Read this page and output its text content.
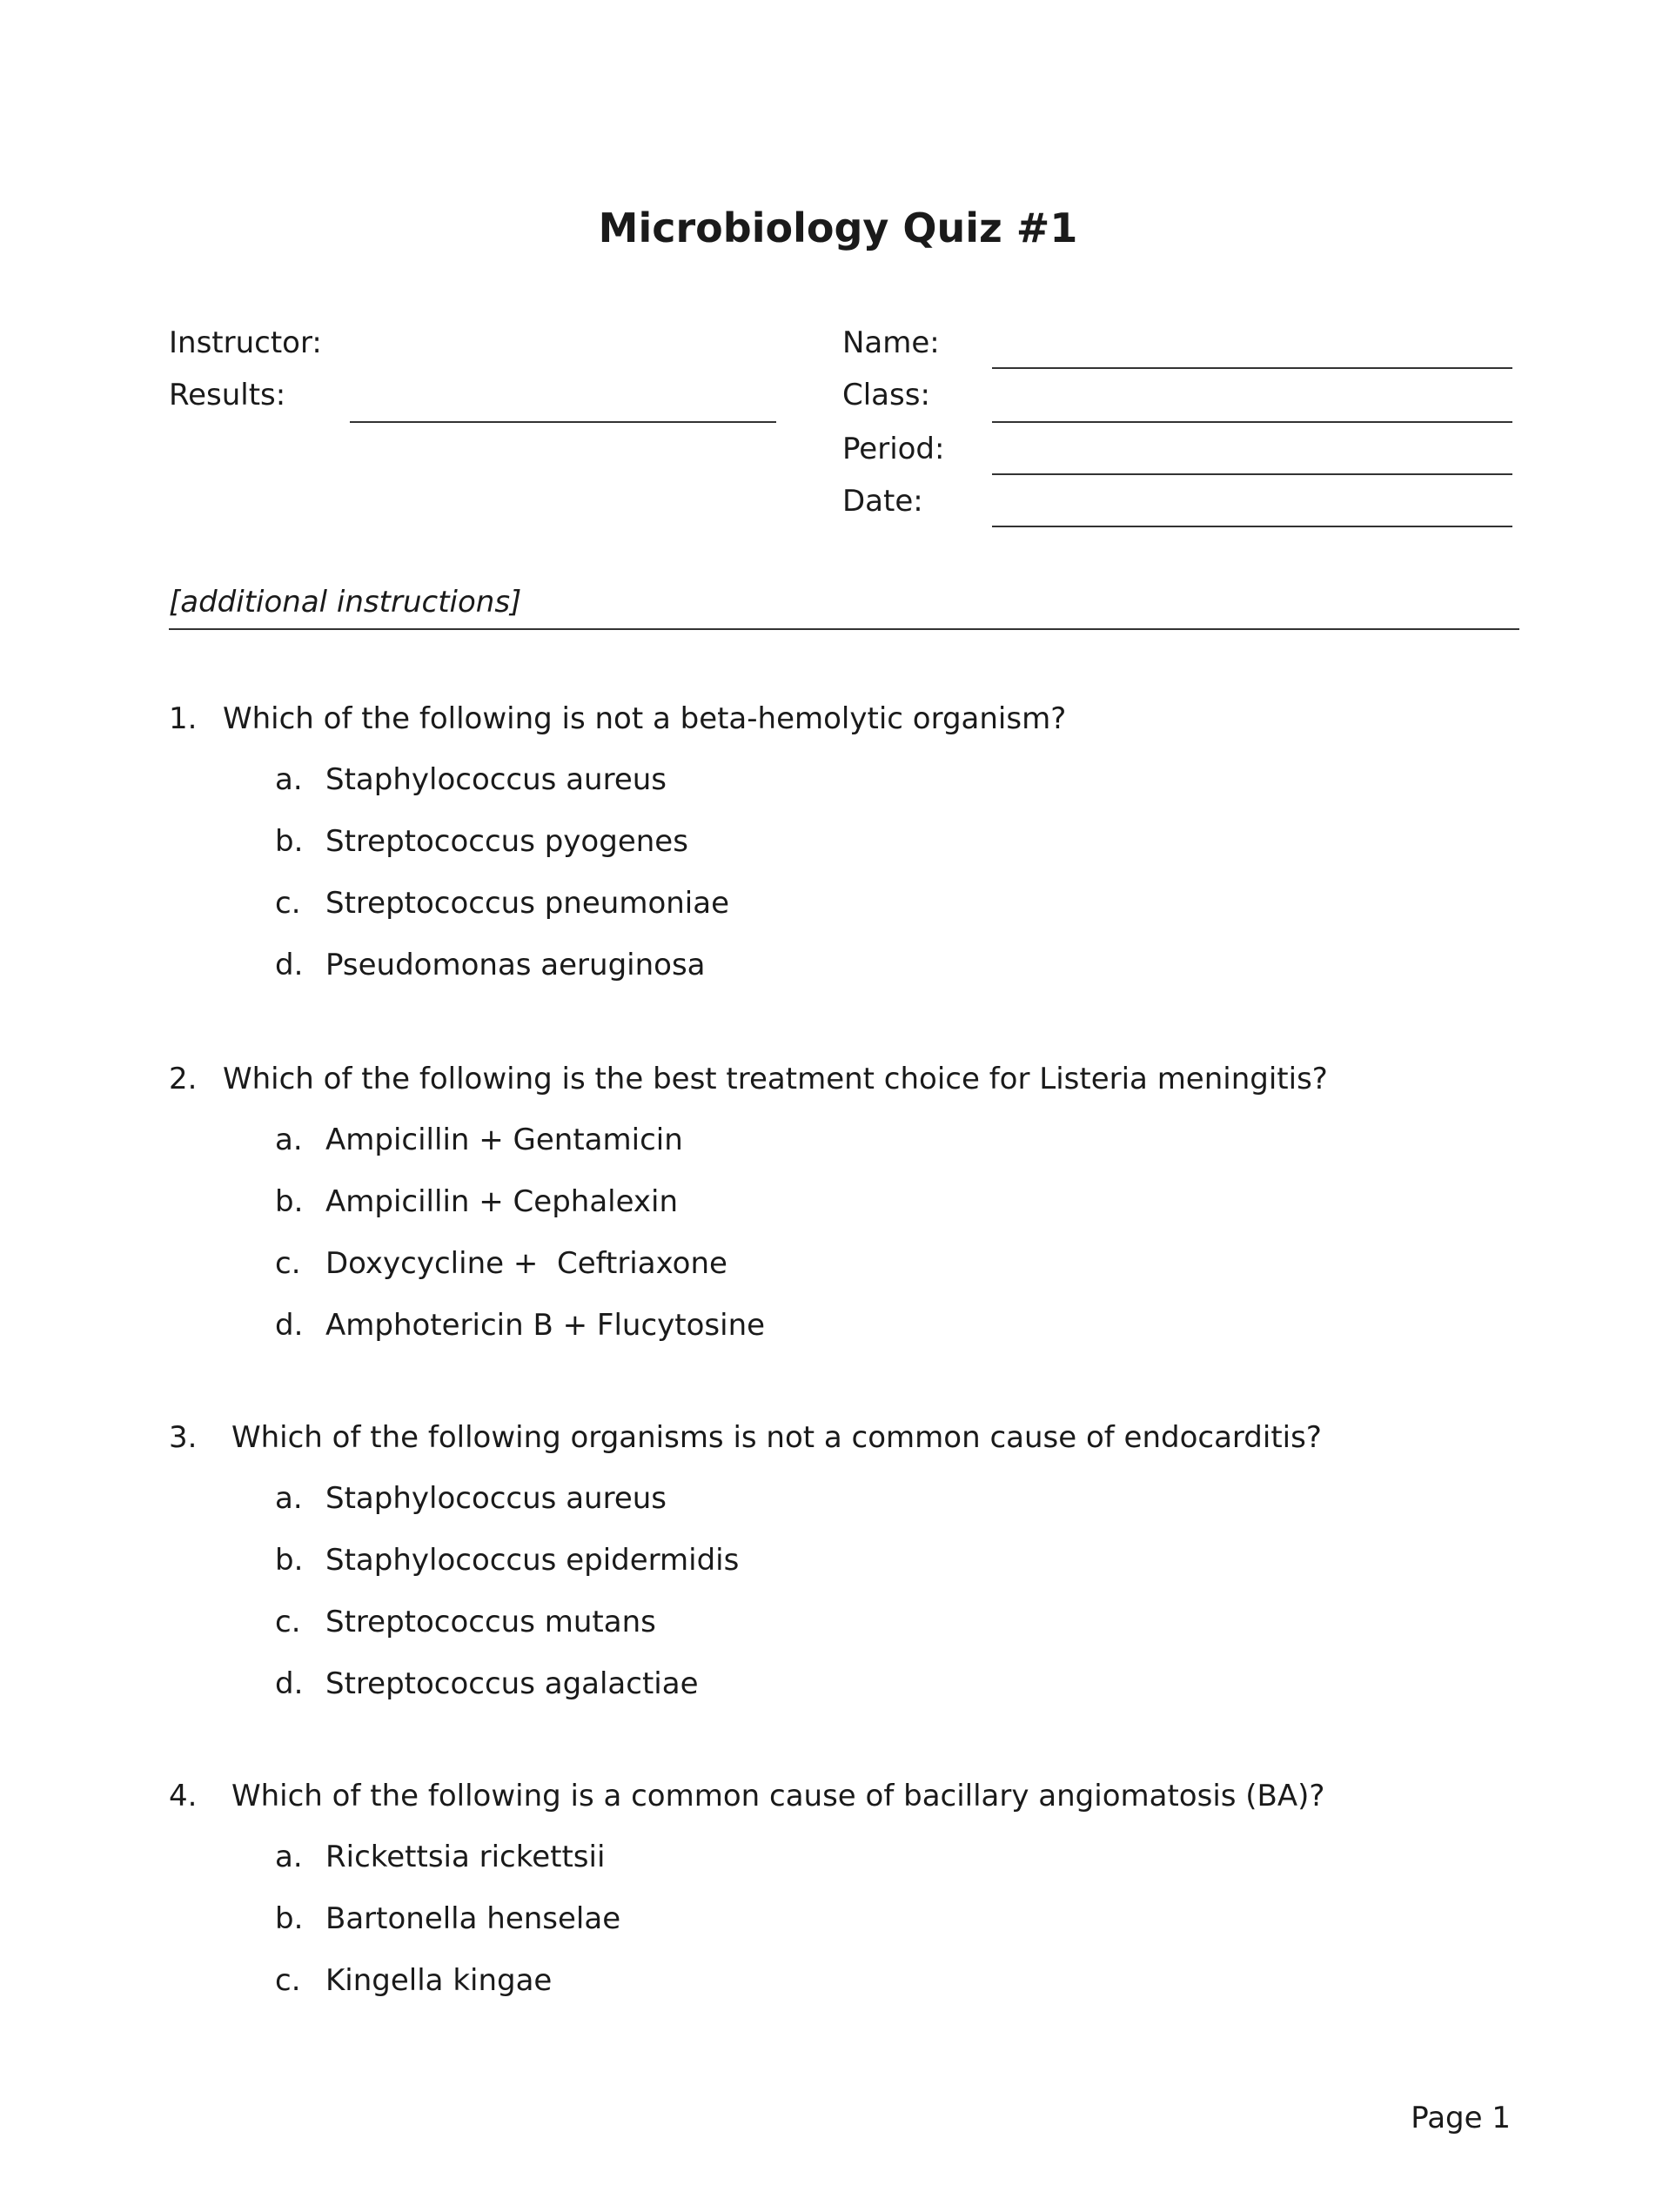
Microbiology Quiz #1
Instructor:
Results:
Name:
Class:
Period:
Date:
[additional instructions]
1. Which of the following is not a beta-hemolytic organism?
a. Staphylococcus aureus
b. Streptococcus pyogenes
c. Streptococcus pneumoniae
d. Pseudomonas aeruginosa
2. Which of the following is the best treatment choice for Listeria meningitis?
a. Ampicillin + Gentamicin
b. Ampicillin + Cephalexin
c. Doxycycline +  Ceftriaxone
d. Amphotericin B + Flucytosine
3. Which of the following organisms is not a common cause of endocarditis?
a. Staphylococcus aureus
b. Staphylococcus epidermidis
c. Streptococcus mutans
d. Streptococcus agalactiae
4. Which of the following is a common cause of bacillary angiomatosis (BA)?
a. Rickettsia rickettsii
b. Bartonella henselae
c. Kingella kingae
Page 1
